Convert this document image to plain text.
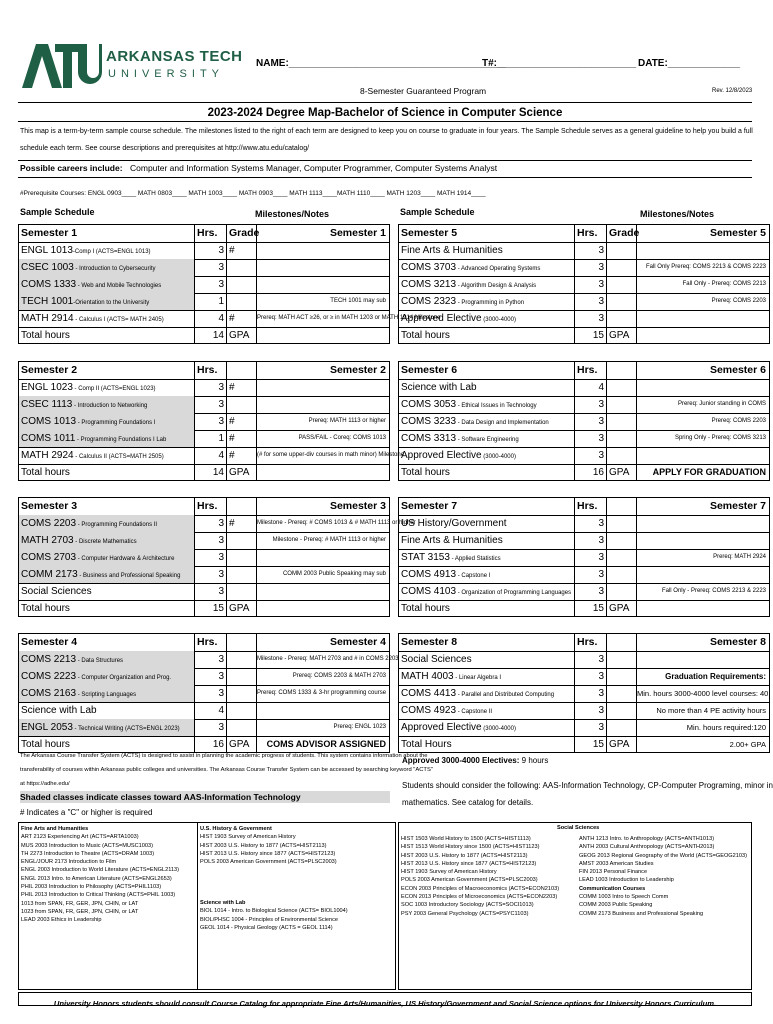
ARKANSAS TECH
UNIVERSITY
NAME:_______________________________________
T#:_________________________ DATE:_____________
8-Semester Guaranteed Program	Rev. 12/8/2023
2023-2024 Degree Map-Bachelor of Science in Computer Science
This map is a term-by-term sample course schedule. The milestones listed to the right of each term are designed to keep you on course to graduate in four years. The Sample Schedule serves as a general guideline to help you build a full
schedule each term. See course descriptions and prerequisites at http://www.atu.edu/catalog/
Possible careers include: Computer and Information Systems Manager, Computer Programmer, Computer Systems Analyst
#Prerequisite Courses: ENGL 0903____ MATH 0803____ MATH 1003____ MATH 0903____ MATH 1113____MATH 1110____ MATH 1203____ MATH 1914____
Sample Schedule	Milestones/Notes	Sample Schedule	Milestones/Notes
Semester 1	Hrs.	Grade	Semester 1
ENGL 1013-Comp I (ACTS=ENGL 1013)	3 #
CSEC 1003 - Introduction to Cybersecurity	3
COMS 1333 - Web and Mobile Technologies	3
TECH 1001-Orientation to the University	1	TECH 1001 may sub
MATH 2914 - Calculus I (ACTS= MATH 2405)	4 #	Prereq: MATH ACT ≥26, or ≥ in MATH 1203 or MATH 1914 Milestone
Total hours	14 GPA
Semester 2	Hrs.	Semester 2
ENGL 1023 - Comp II (ACTS=ENGL 1023)	3 #
CSEC 1113 - Introduction to Networking	3
COMS 1013 - Programming Foundations I	3 #	Prereq: MATH 1113 or higher
COMS 1011 - Programming Foundations I Lab	1 #	PASS/FAIL - Coreq: COMS 1013
MATH 2924 - Calculus II (ACTS=MATH 2505)	4 #	(# for some upper-div courses in math minor) Milestone
Total hours	14 GPA
Semester 3	Hrs.	Semester 3
COMS 2203 - Programming Foundations II	3 #	Milestone - Prereq: # COMS 1013 & # MATH 1113 or higher
MATH 2703 - Discrete Mathematics	3	Milestone - Prereq: # MATH 1113 or higher
COMS 2703 - Computer Hardware & Architecture	3
COMM 2173 - Business and Professional Speaking	3	COMM 2003 Public Speaking may sub
Social Sciences	3
Total hours	15 GPA
Semester 4	Hrs.	Semester 4
COMS 2213 - Data Structures	3	Milestone - Prereq: MATH 2703 and # in COMS 2203
COMS 2223 - Computer Organization and Prog.	3	Prereq: COMS 2203 & MATH 2703
COMS 2163 - Scripting Languages	3	Prereq: COMS 1333 & 3-hr programming course
Science with Lab	4
ENGL 2053 - Technical Writing (ACTS=ENGL 2023)	3	Prereq: ENGL 1023
Total hours	16 GPA	COMS ADVISOR ASSIGNED
Semester 5	Hrs.	Grade	Semester 5
Fine Arts & Humanities	3
COMS 3703 - Advanced Operating Systems	3	Fall Only Prereq: COMS 2213 & COMS 2223
COMS 3213 - Algorithm Design & Analysis	3	Fall Only - Prereq: COMS 2213
COMS 2323 - Programming in Python	3	Prereq: COMS 2203
Approved Elective (3000-4000)	3
Total hours	15 GPA
Semester 6	Hrs.	Semester 6
Science with Lab	4
COMS 3053 - Ethical Issues in Technology	3	Prereq: Junior standing in COMS
COMS 3233 - Data Design and Implementation	3	Prereq: COMS 2203
COMS 3313 - Software Engineering	3	Spring Only - Prereq: COMS 3213
Approved Elective (3000-4000)	3
Total hours	16 GPA	APPLY FOR GRADUATION
Semester 7	Hrs.	Semester 7
US History/Government	3
Fine Arts & Humanities	3
STAT 3153 - Applied Statistics	3	Prereq: MATH 2924
COMS 4913 - Capstone I	3
COMS 4103 - Organization of Programming Languages	3	Fall Only - Prereq: COMS 2213 & 2223
Total hours	15 GPA
Semester 8	Hrs.	Semester 8
Social Sciences	3
MATH 4003 - Linear Algebra I	3	Graduation Requirements:
COMS 4413 - Parallel and Distributed Computing	3	Min. hours 3000-4000 level courses: 40
COMS 4923 - Capstone II	3	No more than 4 PE activity hours
Approved Elective (3000-4000)	3	Min. hours required:120
Total Hours	15 GPA	2.00+ GPA
The Arkansas Course Transfer System (ACTS) is designed to assist in planning the academic progress of students. This system contains information about the
transferability of courses within Arkansas public colleges and universities. The Arkansas Course Transfer System can be accessed by searching keyword "ACTS"
at https://adhe.edu/
Shaded classes indicate classes toward AAS-Information Technology
# Indicates a "C" or higher is required
Approved 3000-4000 Electives: 9 hours
Students should consider the following: AAS-Information Technology, CP-Computer Programing, minor in
mathematics. See catalog for details.
Fine Arts and Humanities
ART 2123 Experiencing Art (ACTS=ARTA1003)
MUS 2003 Introduction to Music (ACTS=MUSC1003)
TH 2273 Introduction to Theatre (ACTS=DRAM 1003)
ENGL/JOUR 2173 Introduction to Film
ENGL 2003 Introduction to World Literature (ACTS=ENGL2113)
ENGL 2013 Intro. to American Literature (ACTS=ENGL2653)
PHIL 2003 Introduction to Philosophy (ACTS=PHIL1103)
PHIL 2013 Introduction to Critical Thinking (ACTS=PHIL 1003)
1013 from SPAN, FR, GER, JPN, CHIN, or LAT
1023 from SPAN, FR, GER, JPN, CHIN, or LAT
LEAD 2003 Ethics in Leadership
U.S. History & Government
HIST 1903 Survey of American History
HIST 2003 U.S. History to 1877 (ACTS=HIST2113)
HIST 2013 U.S. History since 1877 (ACTS=HIST2123)
POLS 2003 American Government (ACTS=PLSC2003)
Science with Lab
BIOL 1014 - Intro. to Biological Science (ACTS= BIOL1004)
BIOL/PHSC 1004 - Principles of Environmental Science
GEOL 1014 - Physical Geology (ACTS = GEOL 1114)
Social Sciences
HIST 1503 World History to 1500 (ACTS=HIST1113)
HIST 1513 World History since 1500 (ACTS=HIST1123)
HIST 2003 U.S. History to 1877 (ACTS=HIST2113)
HIST 2013 U.S. History since 1877 (ACTS=HIST2123)
HIST 1903 Survey of American History
POLS 2003 American Government (ACTS=PLSC2003)
ECON 2003 Principles of Macroeconomics (ACTS=ECON2103)
ECON 2013 Principles of Microeconomics (ACTS=ECON2203)
SOC 1003 Introductory Sociology (ACTS=SOCI1013)
PSY 2003 General Psychology (ACTS=PSYC1103)
ANTH 1213 Intro. to Anthropology (ACTS=ANTH1013)
ANTH 2003 Cultural Anthropology (ACTS=ANTH2013)
GEOG 2013 Regional Geography of the World (ACTS=GEOG2103)
AMST 2003 American Studies
FIN 2013 Personal Finance
LEAD 1003 Introduction to Leadership
Communication Courses
COMM 1003 Intro to Speech Comm
COMM 2003 Public Speaking
COMM 2173 Business and Professional Speaking
University Honors students should consult Course Catalog for appropriate Fine Arts/Humanities, US History/Government and Social Science options for University Honors Curriculum.
